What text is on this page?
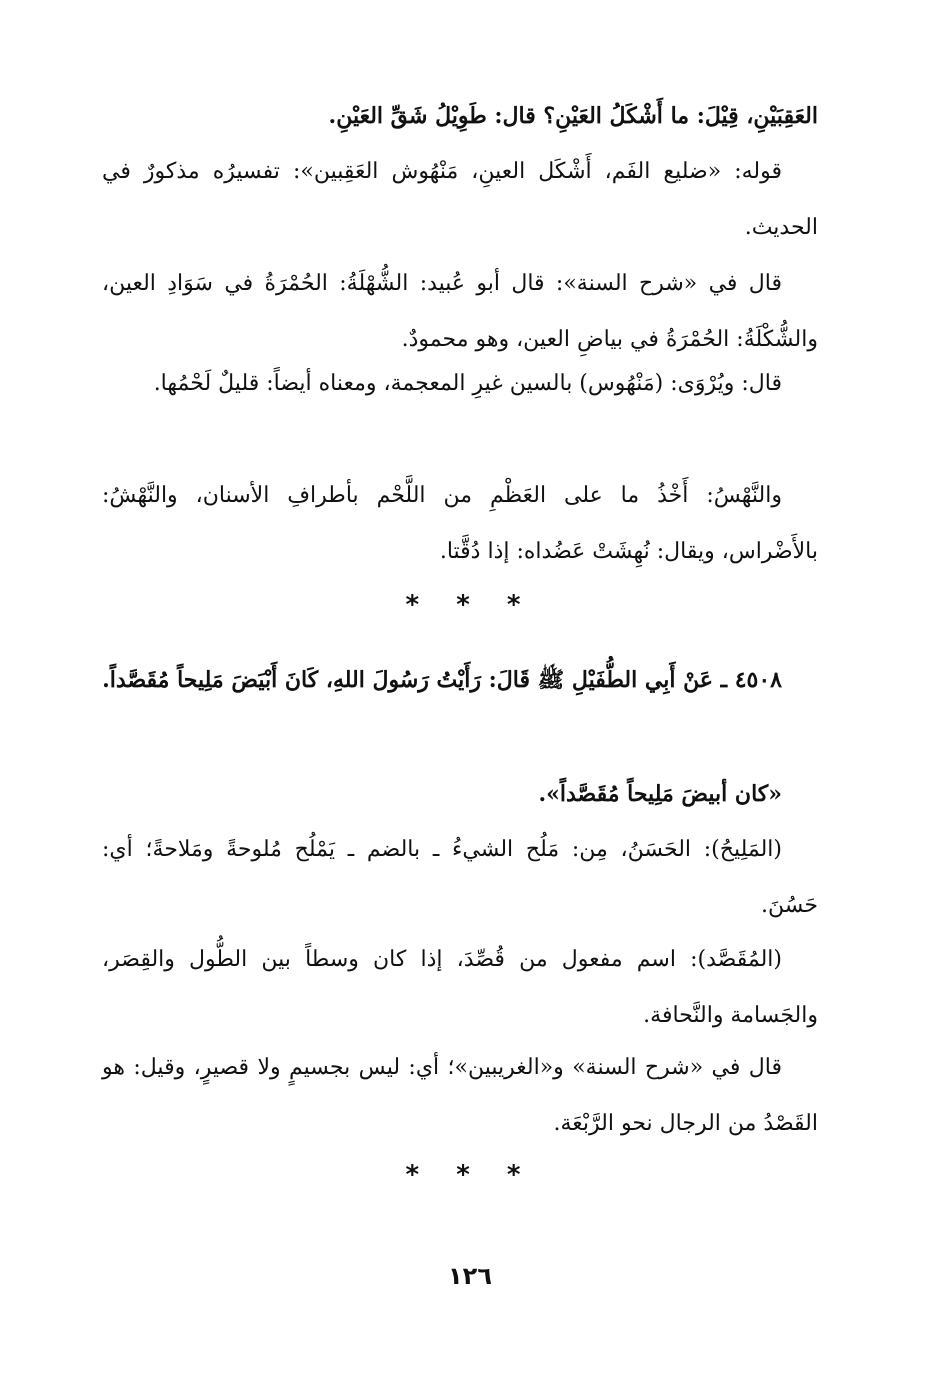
العَقِبَيْنِ، قِيْلَ: ما أَشْكَلُ العَيْنِ؟ قال: طَوِيْلُ شَقِّ العَيْنِ.
قوله: «ضليع الفَم، أَشْكَل العينِ، مَنْهُوش العَقِبين»: تفسيرُه مذكورٌ في الحديث.
قال في «شرح السنة»: قال أبو عُبيد: الشُّهْلَةُ: الحُمْرَةُ في سَوَادِ العين، والشُّكْلَةُ: الحُمْرَةُ في بياضِ العين، وهو محمودٌ.
قال: ويُرْوَى: (مَنْهُوس) بالسين غيرِ المعجمة، ومعناه أيضاً: قليلٌ لَحْمُها.
والنَّهْسُ: أَخْذُ ما على العَظْمِ من اللَّحْم بأطرافِ الأسنان، والنَّهْشُ: بالأَضْراس، ويقال: نُهِشَتْ عَضُداه: إذا دُقَّتا.
* * *
٤٥٠٨ ـ عَنْ أَبِي الطُّفَيْلِ ﷺ قَالَ: رَأَيْتُ رَسُولَ اللهِ، كَانَ أَبْيَضَ مَلِيحاً مُقَصَّداً.
«كان أبيضَ مَلِيحاً مُقَصَّداً».
(المَلِيحُ): الحَسَنُ، مِن: مَلُح الشيءُ ـ بالضم ـ يَمْلُح مُلوحةً ومَلاحةً؛ أي: حَسُنَ.
(المُقَصَّد): اسم مفعول من قُصِّدَ، إذا كان وسطاً بين الطُّول والقِصَر، والجَسامة والنَّحافة.
قال في «شرح السنة» و«الغريبين»؛ أي: ليس بجسيمٍ ولا قصيرٍ، وقيل: هو القَصْدُ من الرجال نحو الرَّبْعَة.
* * *
١٢٦
